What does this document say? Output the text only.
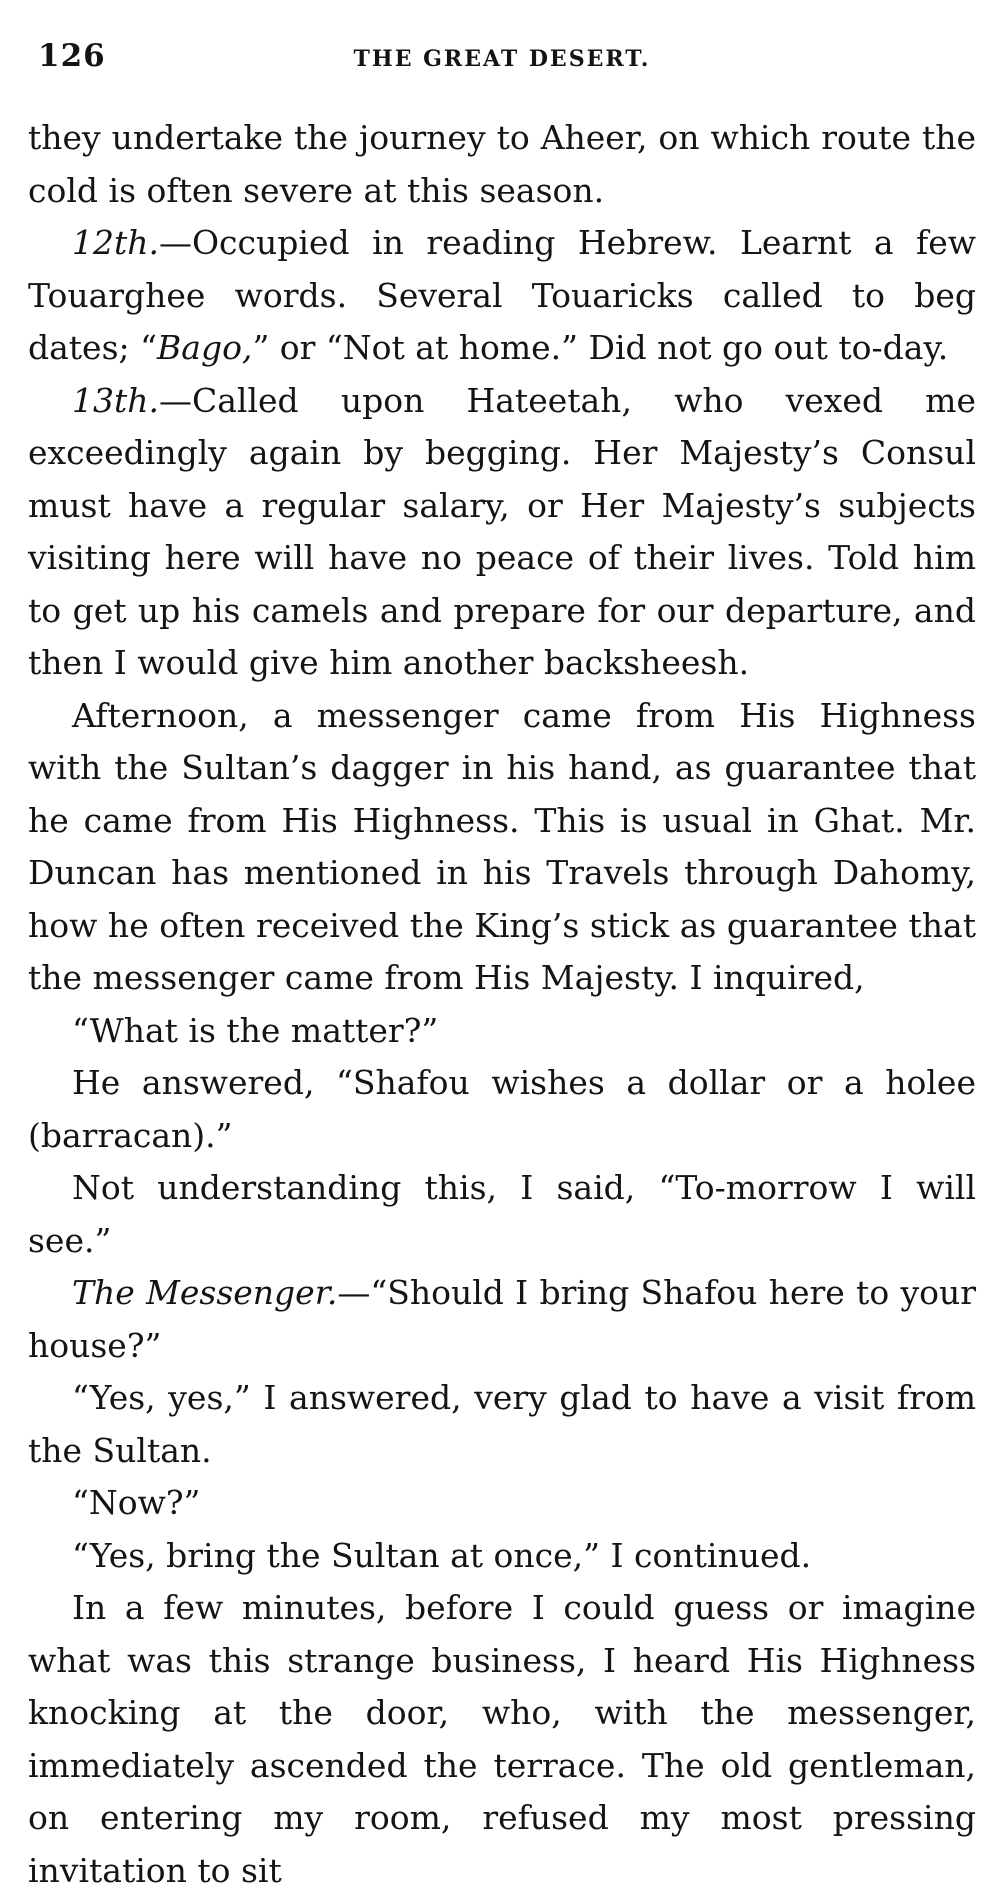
126	THE GREAT DESERT.

they undertake the journey to Aheer, on which route the cold is often severe at this season.

12th.—Occupied in reading Hebrew. Learnt a few Touarghee words. Several Touaricks called to beg dates; “Bago,” or “Not at home.” Did not go out to-day.

13th.—Called upon Hateetah, who vexed me exceedingly again by begging. Her Majesty’s Consul must have a regular salary, or Her Majesty’s subjects visiting here will have no peace of their lives. Told him to get up his camels and prepare for our departure, and then I would give him another backsheesh.

Afternoon, a messenger came from His Highness with the Sultan’s dagger in his hand, as guarantee that he came from His Highness. This is usual in Ghat. Mr. Duncan has mentioned in his Travels through Dahomy, how he often received the King’s stick as guarantee that the messenger came from His Majesty. I inquired,

“What is the matter?”

He answered, “Shafou wishes a dollar or a holee (barracan).”

Not understanding this, I said, “To-morrow I will see.”

The Messenger.—“Should I bring Shafou here to your house?”

“Yes, yes,” I answered, very glad to have a visit from the Sultan.

“Now?”

“Yes, bring the Sultan at once,” I continued.

In a few minutes, before I could guess or imagine what was this strange business, I heard His Highness knocking at the door, who, with the messenger, immediately ascended the terrace. The old gentleman, on entering my room, refused my most pressing invitation to sit
